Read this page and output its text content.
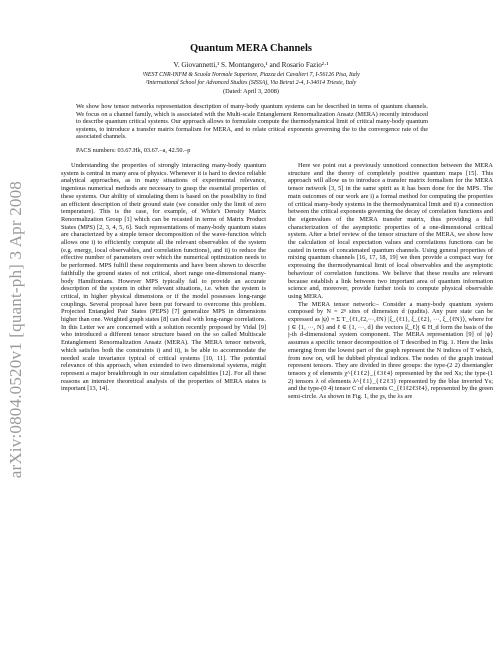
arXiv:0804.0520v1 [quant-ph] 3 Apr 2008
Quantum MERA Channels
V. Giovannetti,¹ S. Montangero,¹ and Rosario Fazio²·¹
¹NEST CNR-INFM & Scuola Normale Superiore, Piazza dei Cavalieri 7, I-56126 Pisa, Italy
²International School for Advanced Studies (SISSA), Via Beirut 2-4, I-34014 Trieste, Italy
(Dated: April 3, 2008)
We show how tensor networks representation description of many-body quantum systems can be described in terms of quantum channels. We focus on a channel family, which is associated with the Multi-scale Entanglement Renormalization Ansatz (MERA) recently introduced to describe quantum critical systems. Our approach allows to formulate compute the thermodynamical limit of critical many-body quantum systems, to introduce a transfer matrix formalism for MERA, and to relate critical exponents governing the to the convergence rate of the associated channels.
PACS numbers: 03.67.Hk, 03.67.–a, 42.50.–p

Understanding the properties of strongly interacting many-body quantum system is central in many area of physics. Whenever it is hard to device reliable analytical approaches, as in many situations of experimental relevance, ingenious numerical methods are necessary to grasp the essential properties of these systems. Our ability of simulating them is based on the possibility to find an efficient description of their ground state (we consider only the limit of zero temperature). This is the case, for example, of White's Density Matrix Renormalization Group [1] which can be recasted in terms of Matrix Product States (MPS) [2, 3, 4, 5, 6]. Such representations of many-body quantum states are characterized by a simple tensor decomposition of the wave-function which allows one i) to efficiently compute all the relevant observables of the system (e.g. energy, local observables, and correlation functions), and ii) to reduce the effective number of parameters over which the numerical optimization needs to be performed. MPS fulfill these requirements and have been shown to describe faithfully the ground states of not critical, short range one-dimensional many-body Hamiltonians. However MPS typically fail to provide an accurate description of the system in other relevant situations, i.e. when the system is critical, in higher physical dimensions or if the model possesses long-range couplings. Several proposal have been put forward to overcome this problem. Projected Entangled Pair States (PEPS) [7] generalize MPS in dimensions higher than one. Weighted graph states [8] can deal with long-range correlations. In this Letter we are concerned with a solution recently proposed by Vidal [9] who introduced a different tensor structure based on the so called Multiscale Entanglement Renormalization Ansatz (MERA). The MERA tensor network, which satisfies both the constraints i) and ii), is be able to accommodate the needed scale invariance typical of critical systems [10, 11]. The potential relevance of this approach, when extended to two dimensional systems, might represent a major breakthrough in our simulation capabilities [12]. For all these reasons an intensive theoretical analysis of the properties of MERA states is important [13, 14].

Here we point out a previously unnoticed connection between the MERA structure and the theory of completely positive quantum maps [15]. This approach will allow us to introduce a transfer matrix formalism for the MERA tensor network [3, 5] in the same spirit as it has been done for the MPS. The main outcomes of our work are i) a formal method for computing the properties of critical many-body systems in the thermodynamical limit and ii) a connection between the critical exponents governing the decay of correlation functions and the eigenvalues of the MERA transfer matrix, thus providing a full characterization of the asymptotic properties of a one-dimensional critical system. After a brief review of the tensor structure of the MERA, we show how the calculation of local expectation values and correlations functions can be casted in terms of concatenated quantum channels. Using general properties of mixing quantum channels [16, 17, 18, 19] we then provide a compact way for expressing the thermodynamical limit of local observables and the asymptotic behaviour of correlation functions. We believe that these results are relevant because establish a link between two important area of quantum information science and, moreover, provide further tools to compute physical observable using MERA.

The MERA tensor network:– Consider a many-body quantum system composed by N = 2ⁿ sites of dimension d (qudits). Any pure state can be expressed as |ψ⟩ = Σ T_{ℓ1,ℓ2,···,ℓN} |ξ_{ℓ1}, ξ_{ℓ2}, ···, ξ_{ℓN}⟩, where for j ∈ {1, ···, N} and ℓ ∈ {1, ···, d} the vectors |ξ_ℓ⟩j ∈ H_d form the basis of the j-th d-dimensional system component. The MERA representation [9] of |ψ⟩ assumes a specific tensor decomposition of T described in Fig. 1. Here the links emerging from the lowest part of the graph represent the N indices of T which, from now on, will be dubbed physical indices. The nodes of the graph instead represent tensors. They are divided in three groups: the type-(2 2) disentangler tensors χ of elements χ^{ℓ1ℓ2}_{ℓ3ℓ4} represented by the red Xs; the type-(1 2) tensors λ of elements λ^{ℓ1}_{ℓ2ℓ3} represented by the blue inverted Ys; and the type-(0 4) tensor C of elements C_{ℓ1ℓ2ℓ3ℓ4}, represented by the green semi-circle. As shown in Fig. 1, the χs, the λs are
